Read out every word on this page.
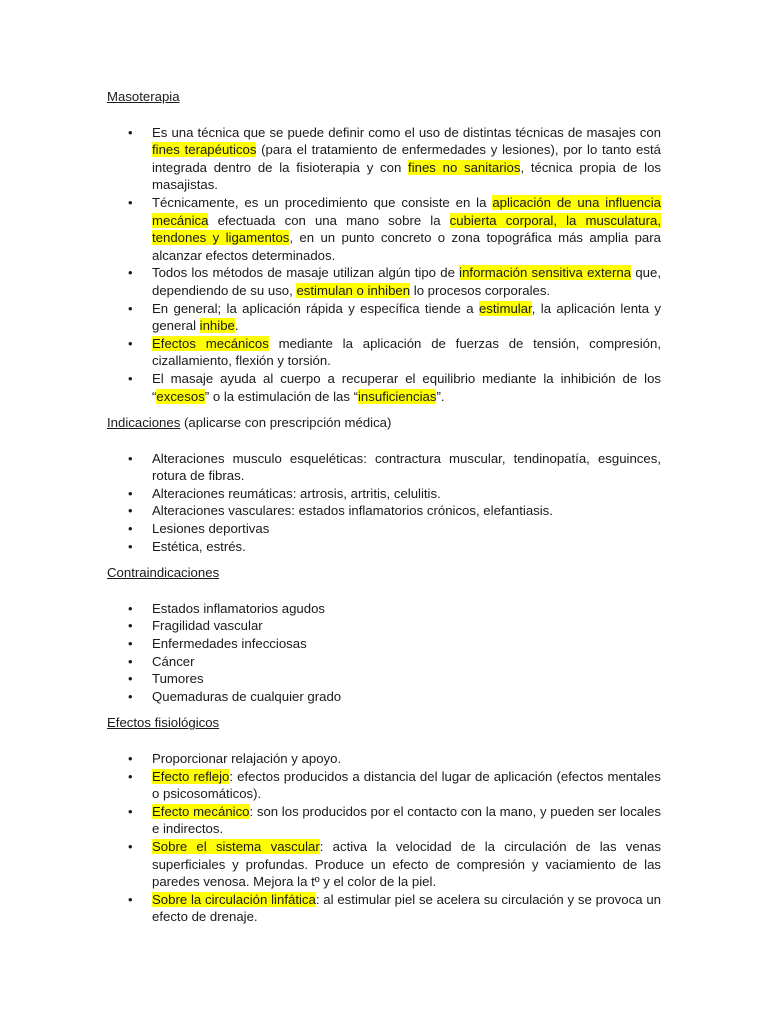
Masoterapia

• Es una técnica que se puede definir como el uso de distintas técnicas de masajes con fines terapéuticos (para el tratamiento de enfermedades y lesiones), por lo tanto está integrada dentro de la fisioterapia y con fines no sanitarios, técnica propia de los masajistas.
• Técnicamente, es un procedimiento que consiste en la aplicación de una influencia mecánica efectuada con una mano sobre la cubierta corporal, la musculatura, tendones y ligamentos, en un punto concreto o zona topográfica más amplia para alcanzar efectos determinados.
• Todos los métodos de masaje utilizan algún tipo de información sensitiva externa que, dependiendo de su uso, estimulan o inhiben lo procesos corporales.
• En general; la aplicación rápida y específica tiende a estimular, la aplicación lenta y general inhibe.
• Efectos mecánicos mediante la aplicación de fuerzas de tensión, compresión, cizallamiento, flexión y torsión.
• El masaje ayuda al cuerpo a recuperar el equilibrio mediante la inhibición de los “excesos” o la estimulación de las “insuficiencias”.

Indicaciones (aplicarse con prescripción médica)

• Alteraciones musculo esqueléticas: contractura muscular, tendinopatía, esguinces, rotura de fibras.
• Alteraciones reumáticas: artrosis, artritis, celulitis.
• Alteraciones vasculares: estados inflamatorios crónicos, elefantiasis.
• Lesiones deportivas
• Estética, estrés.

Contraindicaciones

• Estados inflamatorios agudos
• Fragilidad vascular
• Enfermedades infecciosas
• Cáncer
• Tumores
• Quemaduras de cualquier grado

Efectos fisiológicos

• Proporcionar relajación y apoyo.
• Efecto reflejo: efectos producidos a distancia del lugar de aplicación (efectos mentales o psicosomáticos).
• Efecto mecánico: son los producidos por el contacto con la mano, y pueden ser locales e indirectos.
• Sobre el sistema vascular: activa la velocidad de la circulación de las venas superficiales y profundas. Produce un efecto de compresión y vaciamiento de las paredes venosa. Mejora la tº y el color de la piel.
• Sobre la circulación linfática: al estimular piel se acelera su circulación y se provoca un efecto de drenaje.
